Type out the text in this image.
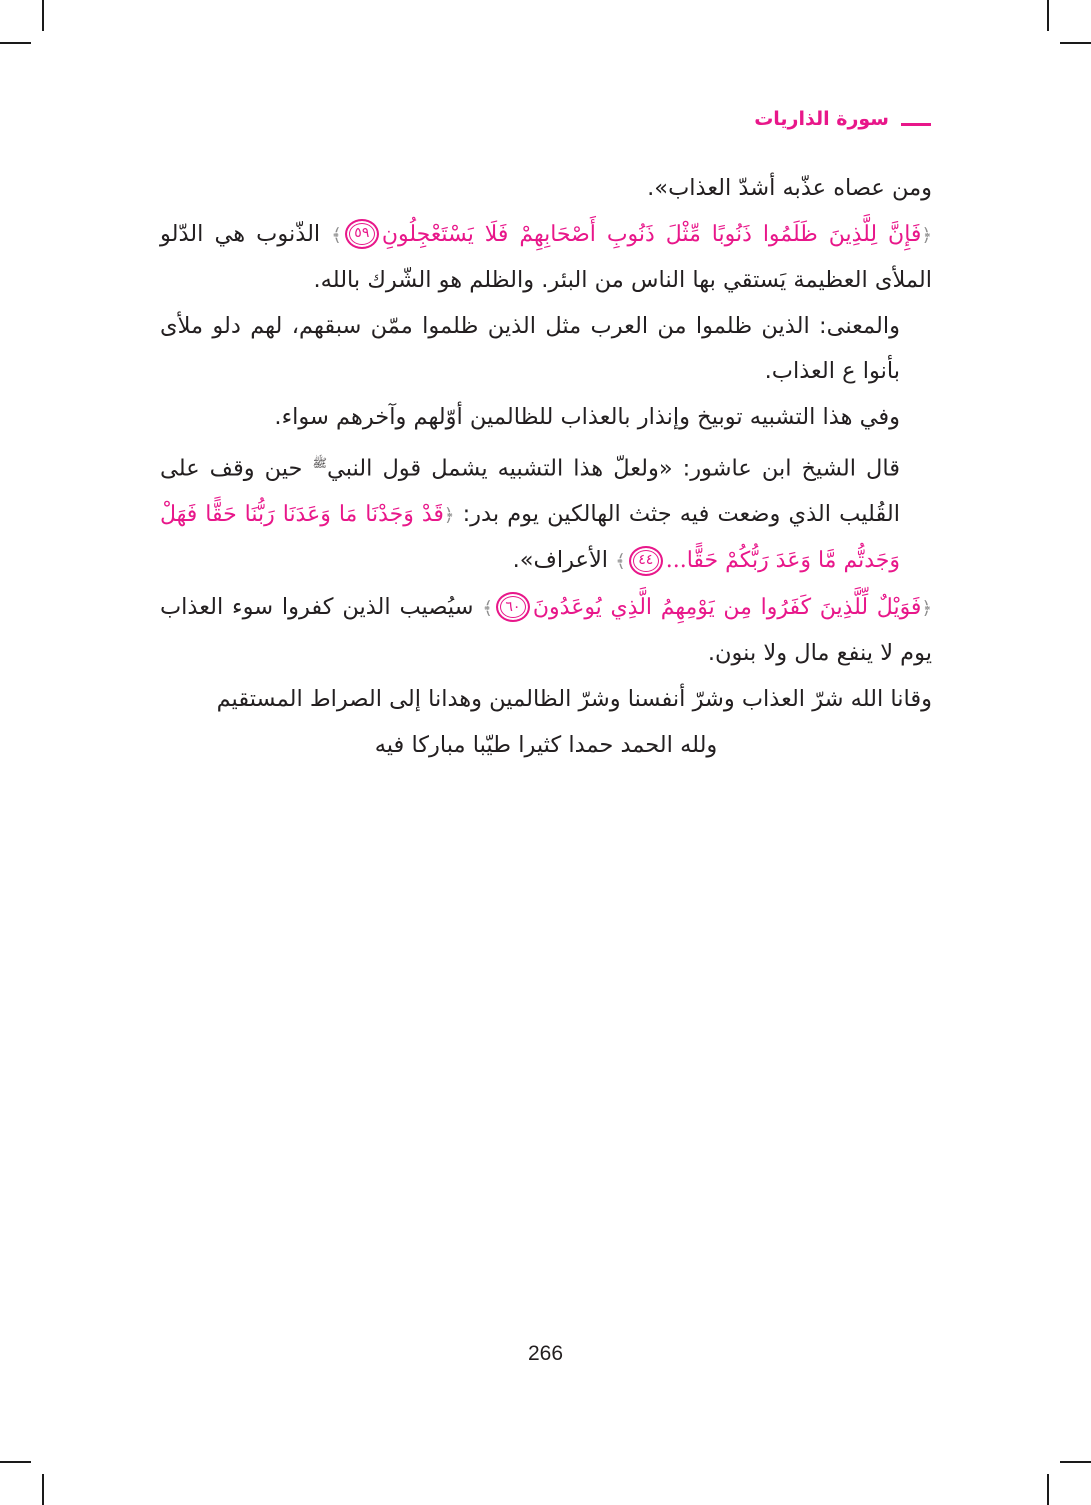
سورة الذاريات

ومن عصاه عذّبه أشدّ العذاب».

﴿فَإِنَّ لِلَّذِينَ ظَلَمُوا ذَنُوبًا مِّثْلَ ذَنُوبِ أَصْحَابِهِمْ فَلَا يَسْتَعْجِلُونِ٥٩﴾ الذّنوب هي الدّلو الملأى العظيمة يَستقي بها الناس من البئر. والظلم هو الشّرك بالله.

والمعنى: الذين ظلموا من العرب مثل الذين ظلموا ممّن سبقهم، لهم دلو ملأى بأنوا ع العذاب.

وفي هذا التشبيه توبيخ وإنذار بالعذاب للظالمين أوّلهم وآخرهم سواء.

قال الشيخ ابن عاشور: «ولعلّ هذا التشبيه يشمل قول النبي$^ﷺ$ حين وقف على القُليب الذي وضعت فيه جثث الهالكين يوم بدر: ﴿قَدْ وَجَدْنَا مَا وَعَدَنَا رَبُّنَا حَقًّا فَهَلْ وَجَدتُّم مَّا وَعَدَ رَبُّكُمْ حَقًّا...٤٤﴾ الأعراف».

﴿فَوَيْلٌ لِّلَّذِينَ كَفَرُوا مِن يَوْمِهِمُ الَّذِي يُوعَدُونَ٦٠﴾ سيُصيب الذين كفروا سوء العذاب يوم لا ينفع مال ولا بنون.

وقانا الله شرّ العذاب وشرّ أنفسنا وشرّ الظالمين وهدانا إلى الصراط المستقيم

ولله الحمد حمدا كثيرا طيّبا مباركا فيه

266
